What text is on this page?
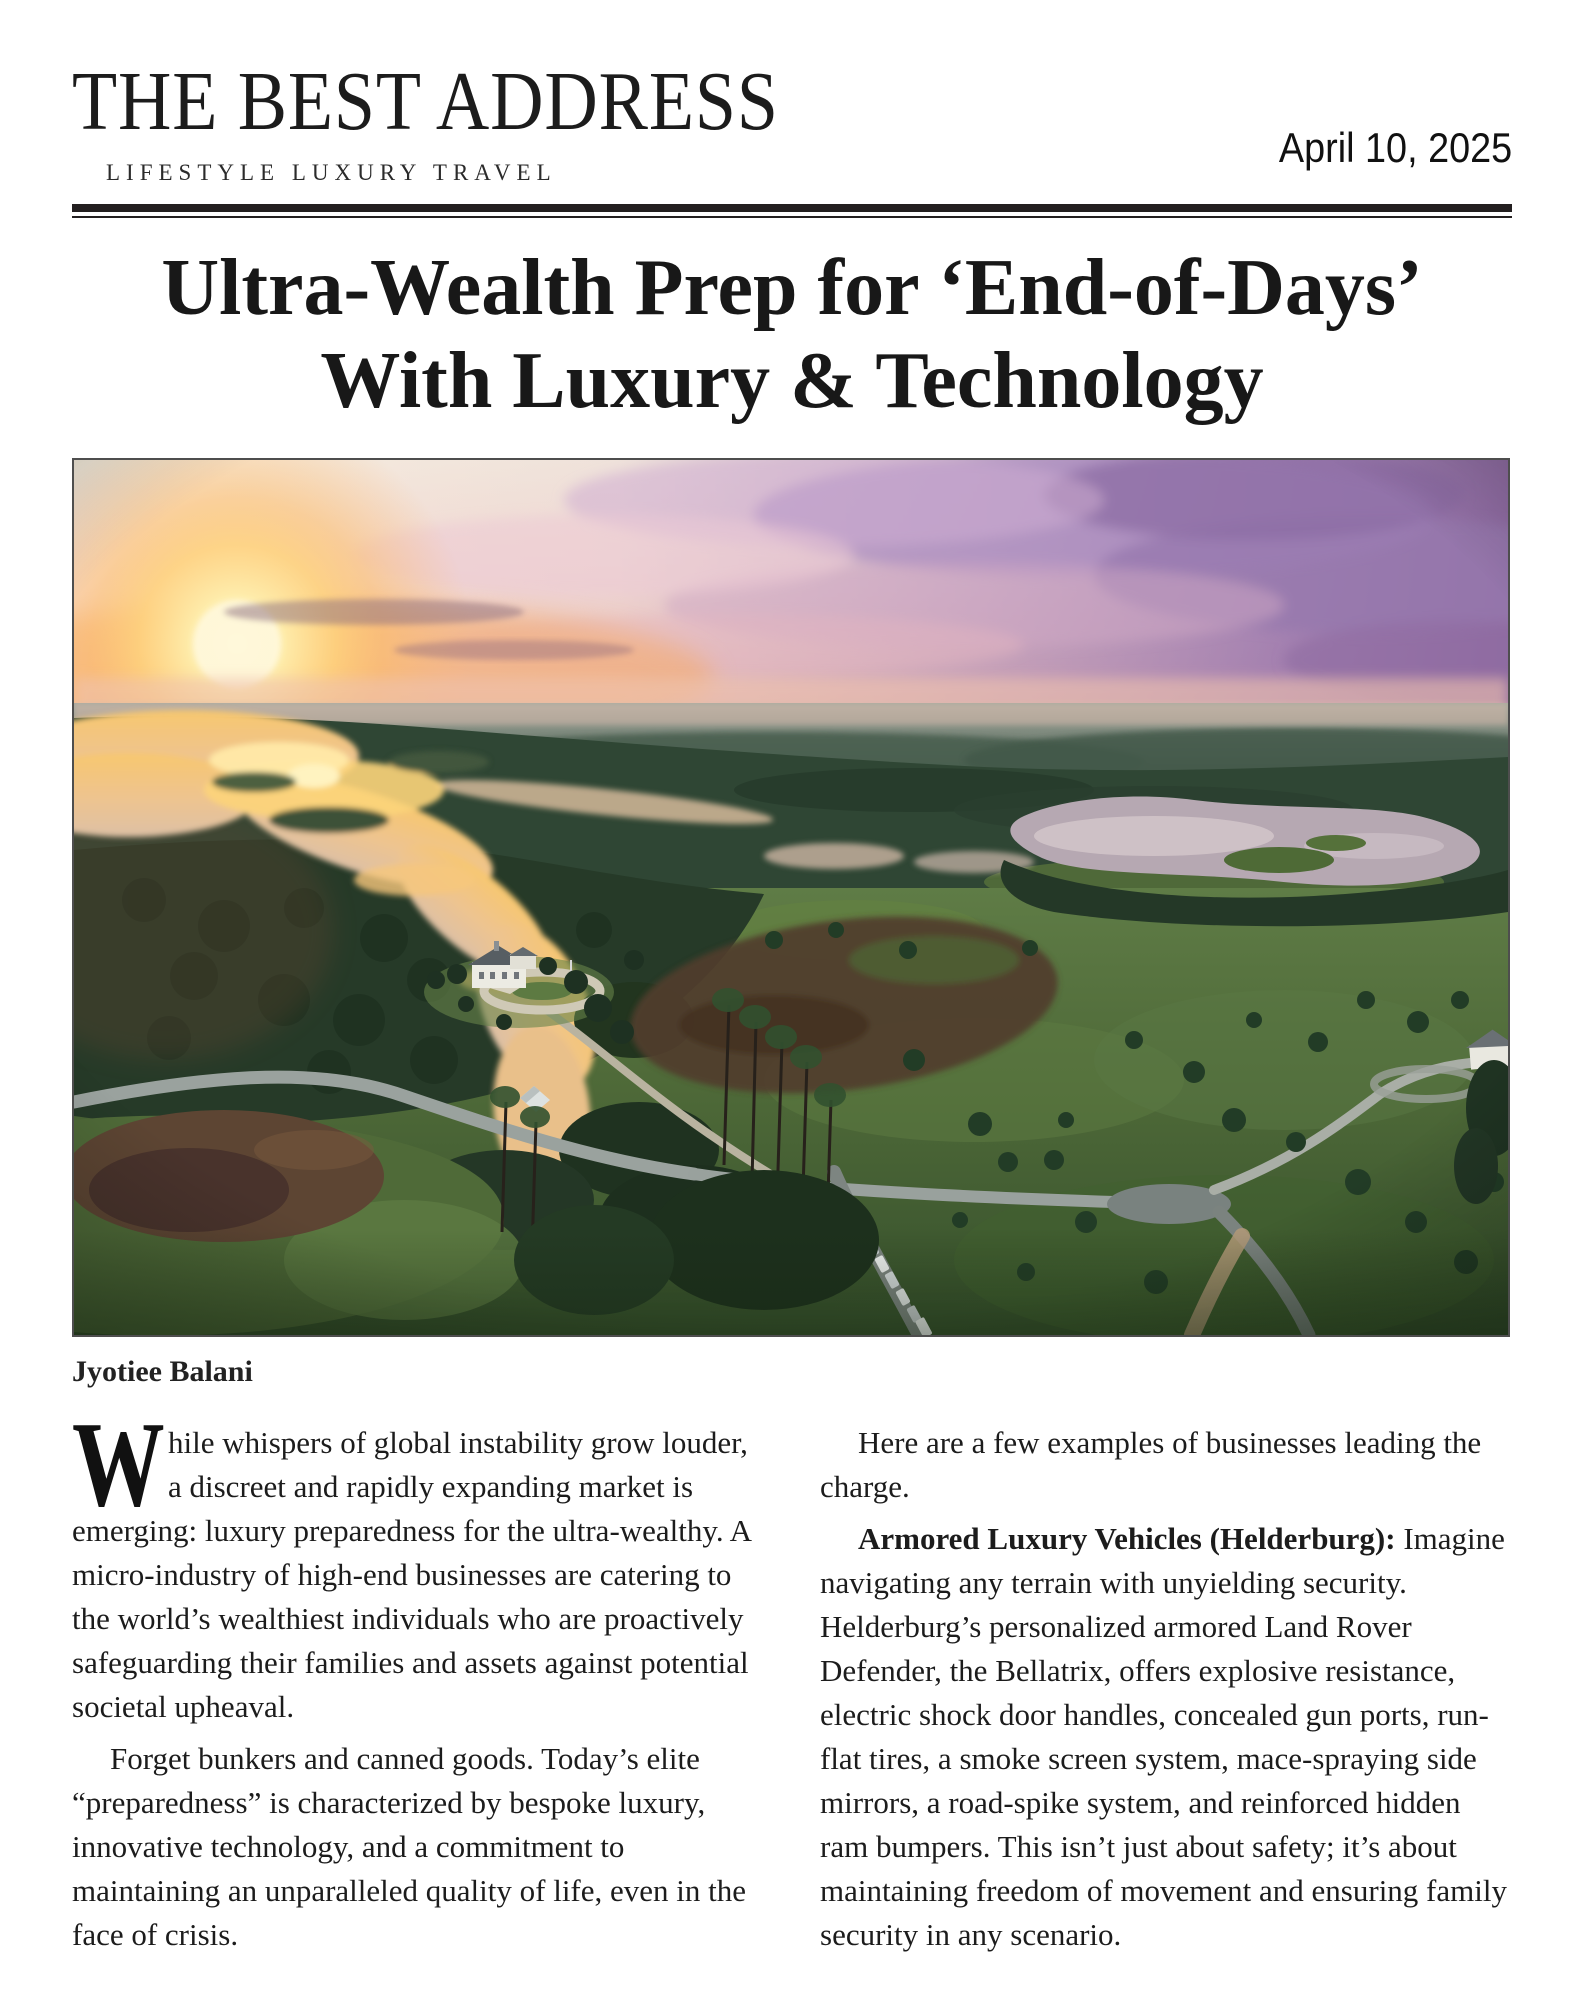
THE BEST ADDRESS
LIFESTYLE LUXURY TRAVEL
April 10, 2025
Ultra-Wealth Prep for ‘End-of-Days’
With Luxury & Technology
Jyotiee Balani

While whispers of global instability grow louder, a discreet and rapidly expanding market is emerging: luxury preparedness for the ultra-wealthy. A micro-industry of high-end businesses are catering to the world’s wealthiest individuals who are proactively safeguarding their families and assets against potential societal upheaval.

Forget bunkers and canned goods. Today’s elite “preparedness” is characterized by bespoke luxury, innovative technology, and a commitment to maintaining an unparalleled quality of life, even in the face of crisis.

Here are a few examples of businesses leading the charge.

Armored Luxury Vehicles (Helderburg): Imagine navigating any terrain with unyielding security. Helderburg’s personalized armored Land Rover Defender, the Bellatrix, offers explosive resistance, electric shock door handles, concealed gun ports, run-flat tires, a smoke screen system, mace-spraying side mirrors, a road-spike system, and reinforced hidden ram bumpers. This isn’t just about safety; it’s about maintaining freedom of movement and ensuring family security in any scenario.
